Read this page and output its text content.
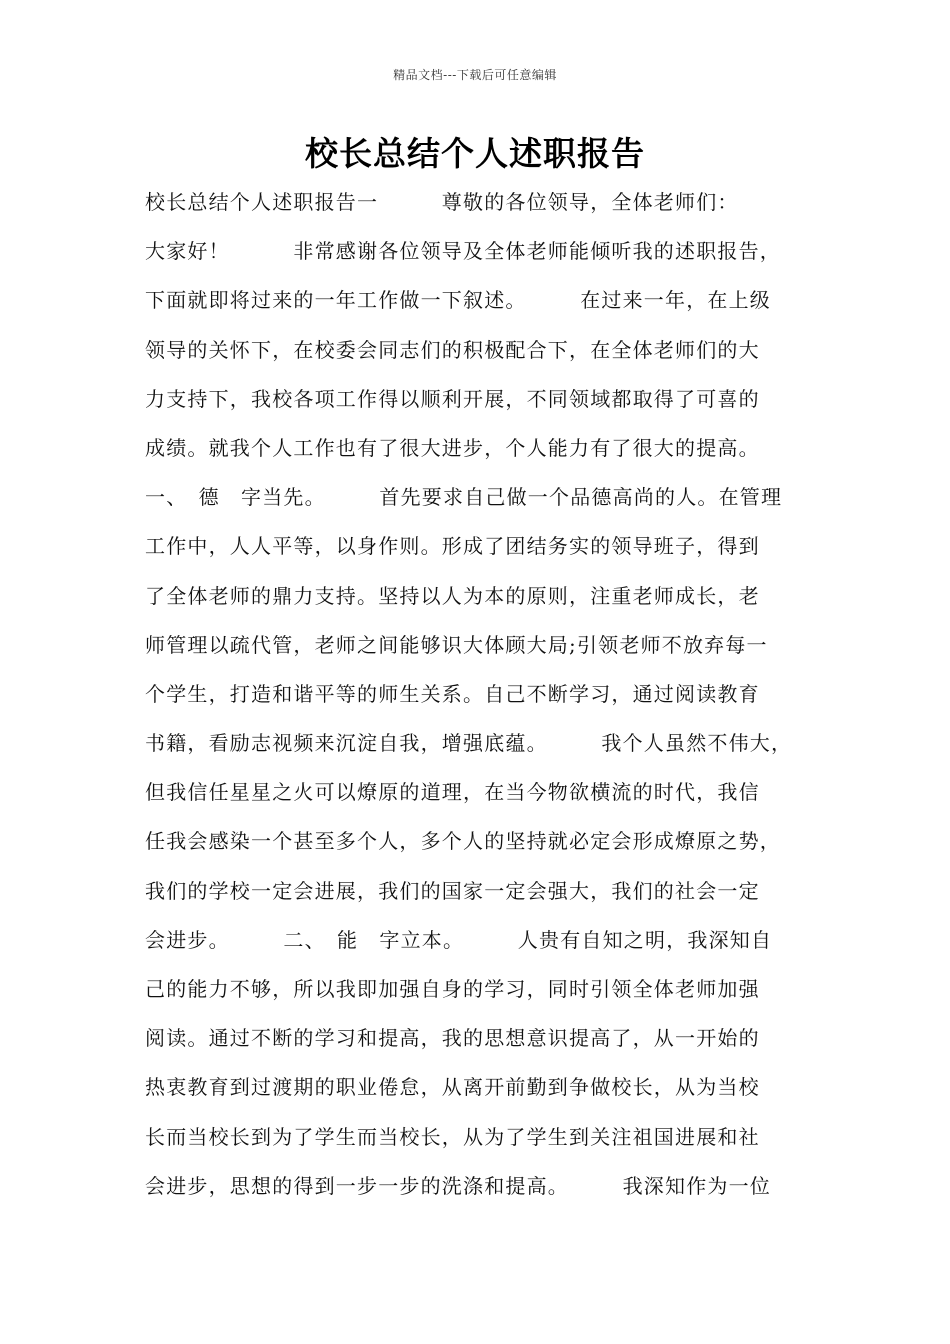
精品文档---下载后可任意编辑
校长总结个人述职报告
校长总结个人述职报告一　　　尊敬的各位领导，全体老师们：
大家好！　　　非常感谢各位领导及全体老师能倾听我的述职报告，
下面就即将过来的一年工作做一下叙述。　　　在过来一年，在上级
领导的关怀下，在校委会同志们的积极配合下，在全体老师们的大
力支持下，我校各项工作得以顺利开展，不同领域都取得了可喜的
成绩。就我个人工作也有了很大进步，个人能力有了很大的提高。
一、　德　字当先。　　　首先要求自己做一个品德高尚的人。在管理
工作中，人人平等，以身作则。形成了团结务实的领导班子，得到
了全体老师的鼎力支持。坚持以人为本的原则，注重老师成长，老
师管理以疏代管，老师之间能够识大体顾大局;引领老师不放弃每一
个学生，打造和谐平等的师生关系。自己不断学习，通过阅读教育
书籍，看励志视频来沉淀自我，增强底蕴。　　　我个人虽然不伟大，
但我信任星星之火可以燎原的道理，在当今物欲横流的时代，我信
任我会感染一个甚至多个人，多个人的坚持就必定会形成燎原之势，
我们的学校一定会进展，我们的国家一定会强大，我们的社会一定
会进步。　　　二、　能　字立本。　　　人贵有自知之明，我深知自
己的能力不够，所以我即加强自身的学习，同时引领全体老师加强
阅读。通过不断的学习和提高，我的思想意识提高了，从一开始的
热衷教育到过渡期的职业倦怠，从离开前勤到争做校长，从为当校
长而当校长到为了学生而当校长，从为了学生到关注祖国进展和社
会进步，思想的得到一步一步的洗涤和提高。　　　我深知作为一位
